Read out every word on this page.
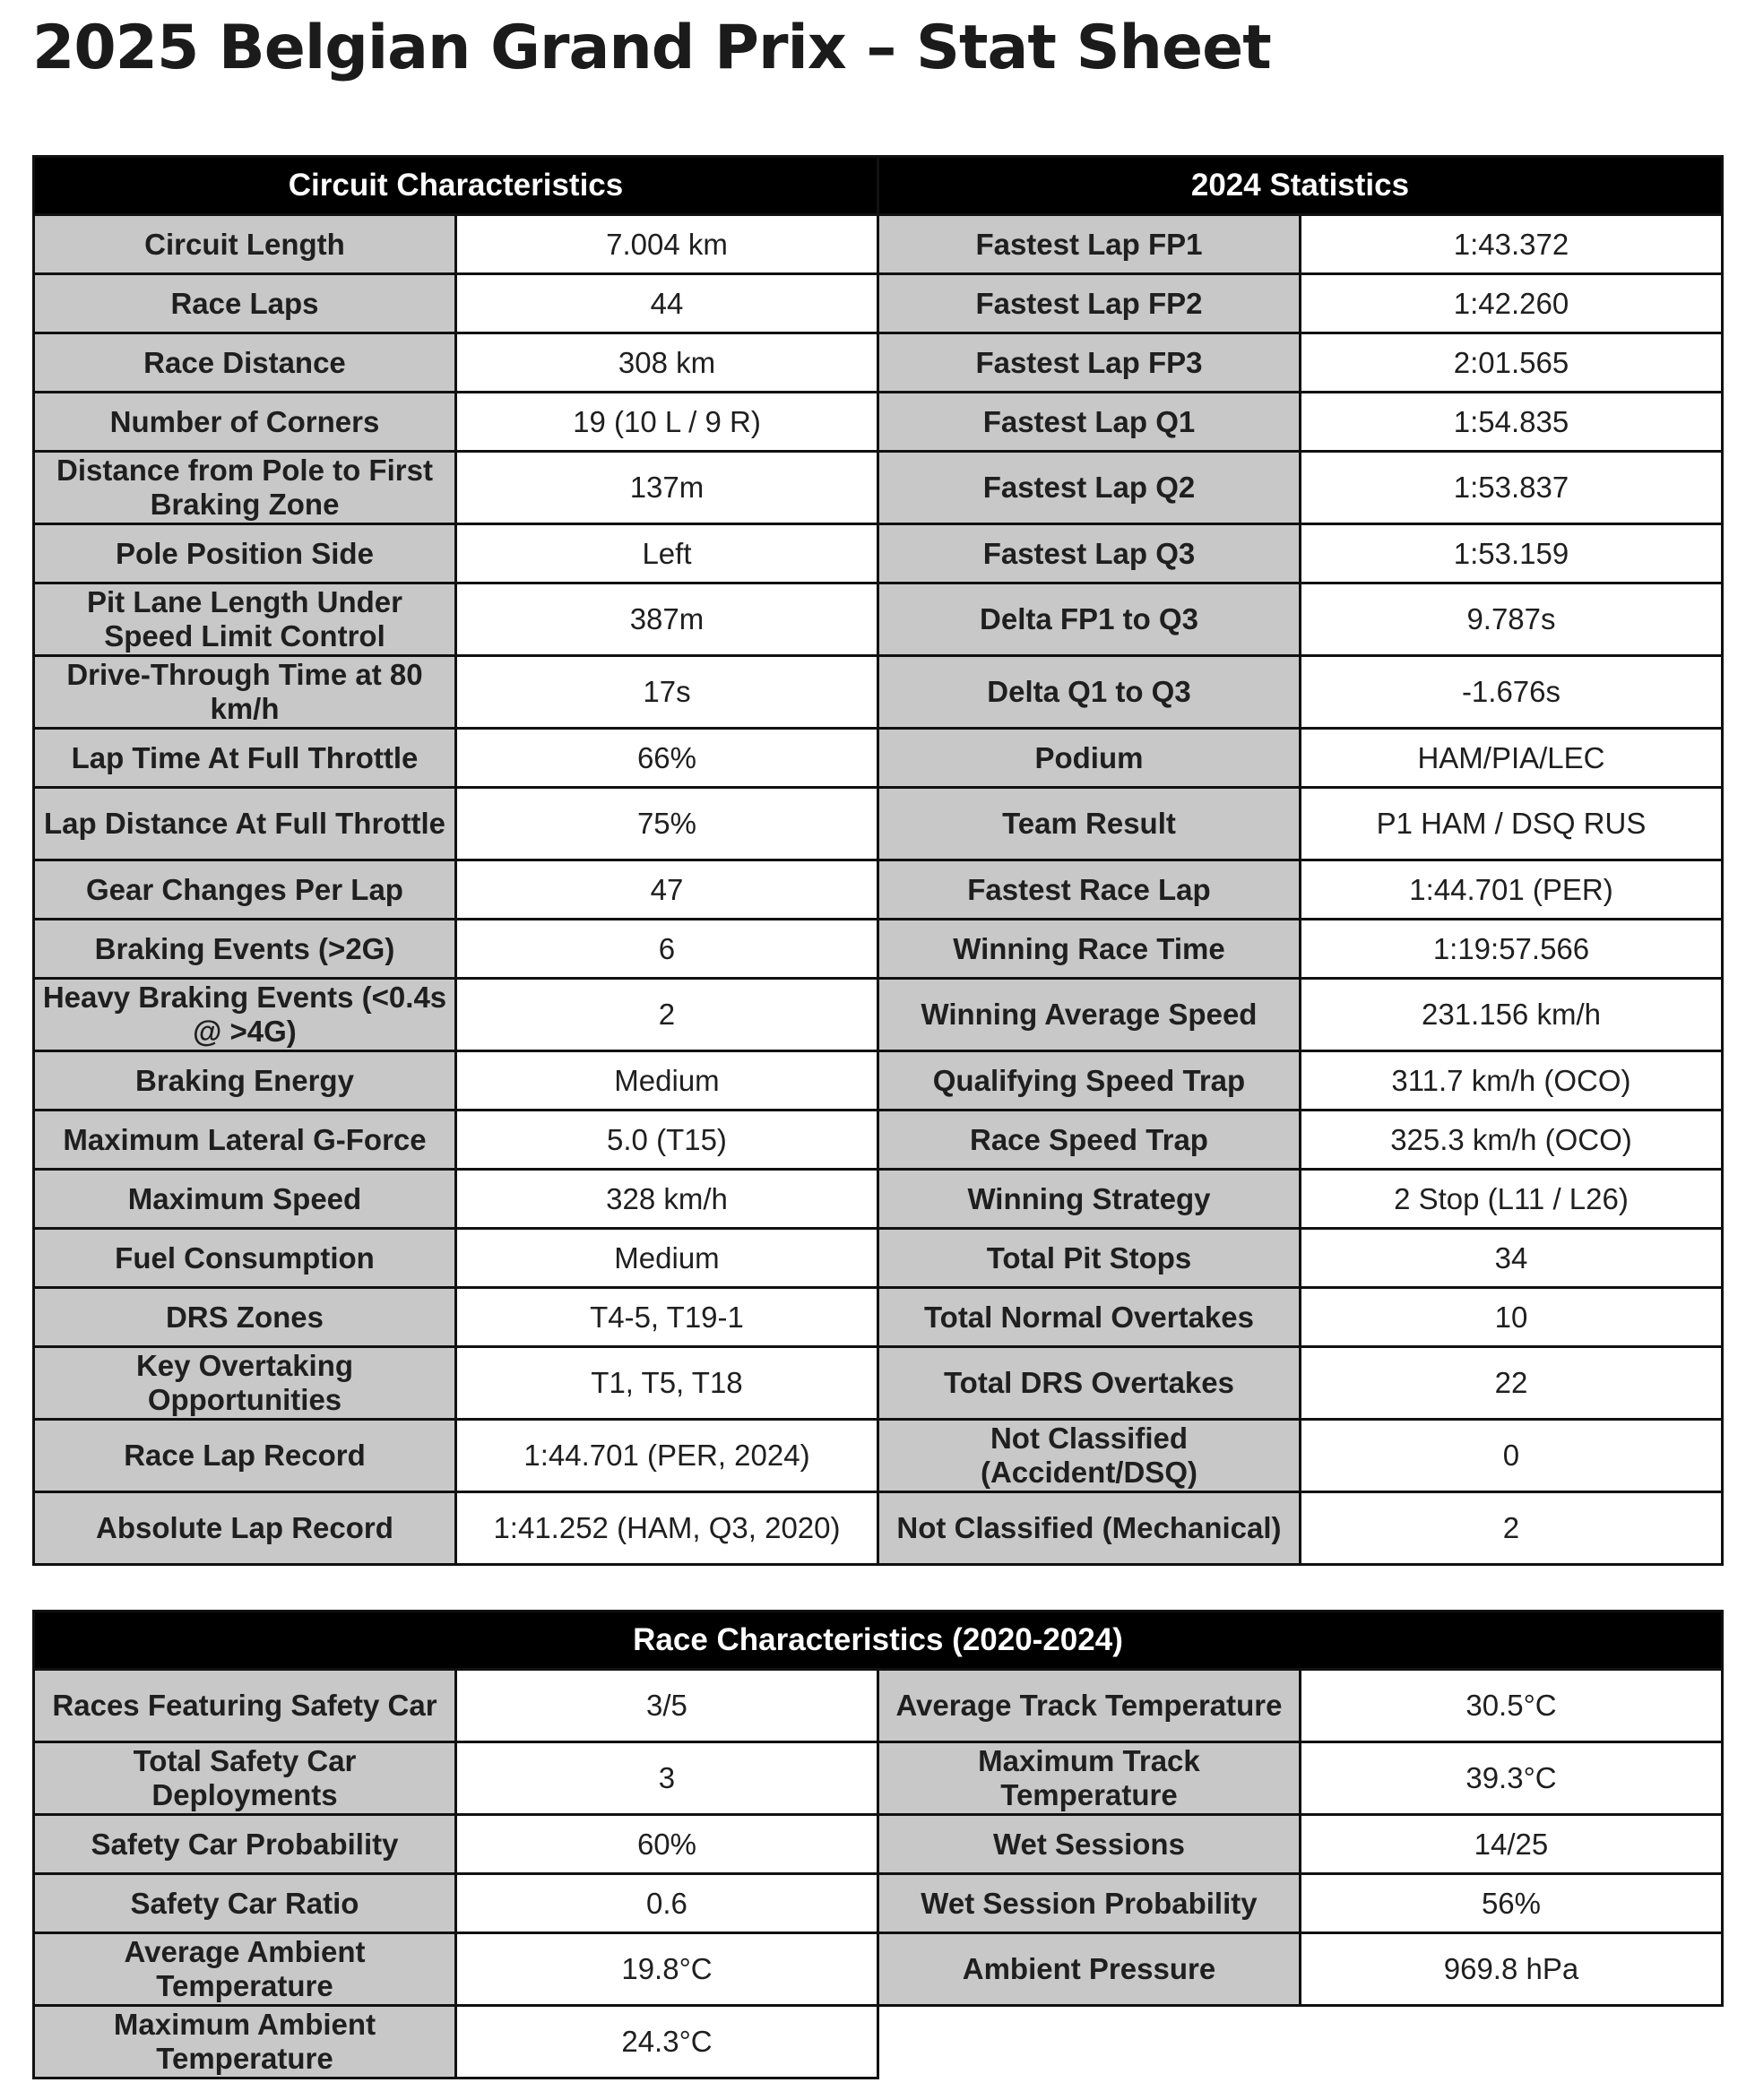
2025 Belgian Grand Prix – Stat Sheet
Circuit Characteristics		2024 Statistics	
Circuit Length	7.004 km	Fastest Lap FP1	1:43.372
Race Laps	44	Fastest Lap FP2	1:42.260
Race Distance	308 km	Fastest Lap FP3	2:01.565
Number of Corners	19 (10 L / 9 R)	Fastest Lap Q1	1:54.835
Distance from Pole to First Braking Zone	137m	Fastest Lap Q2	1:53.837
Pole Position Side	Left	Fastest Lap Q3	1:53.159
Pit Lane Length Under Speed Limit Control	387m	Delta FP1 to Q3	9.787s
Drive-Through Time at 80 km/h	17s	Delta Q1 to Q3	-1.676s
Lap Time At Full Throttle	66%	Podium	HAM/PIA/LEC
Lap Distance At Full Throttle	75%	Team Result	P1 HAM / DSQ RUS
Gear Changes Per Lap	47	Fastest Race Lap	1:44.701 (PER)
Braking Events (>2G)	6	Winning Race Time	1:19:57.566
Heavy Braking Events (<0.4s @ >4G)	2	Winning Average Speed	231.156 km/h
Braking Energy	Medium	Qualifying Speed Trap	311.7 km/h (OCO)
Maximum Lateral G-Force	5.0 (T15)	Race Speed Trap	325.3 km/h (OCO)
Maximum Speed	328 km/h	Winning Strategy	2 Stop (L11 / L26)
Fuel Consumption	Medium	Total Pit Stops	34
DRS Zones	T4-5, T19-1	Total Normal Overtakes	10
Key Overtaking Opportunities	T1, T5, T18	Total DRS Overtakes	22
Race Lap Record	1:44.701 (PER, 2024)	Not Classified (Accident/DSQ)	0
Absolute Lap Record	1:41.252 (HAM, Q3, 2020)	Not Classified (Mechanical)	2
Race Characteristics (2020-2024)			
Races Featuring Safety Car	3/5	Average Track Temperature	30.5°C
Total Safety Car Deployments	3	Maximum Track Temperature	39.3°C
Safety Car Probability	60%	Wet Sessions	14/25
Safety Car Ratio	0.6	Wet Session Probability	56%
Average Ambient Temperature	19.8°C	Ambient Pressure	969.8 hPa
Maximum Ambient Temperature	24.3°C		
